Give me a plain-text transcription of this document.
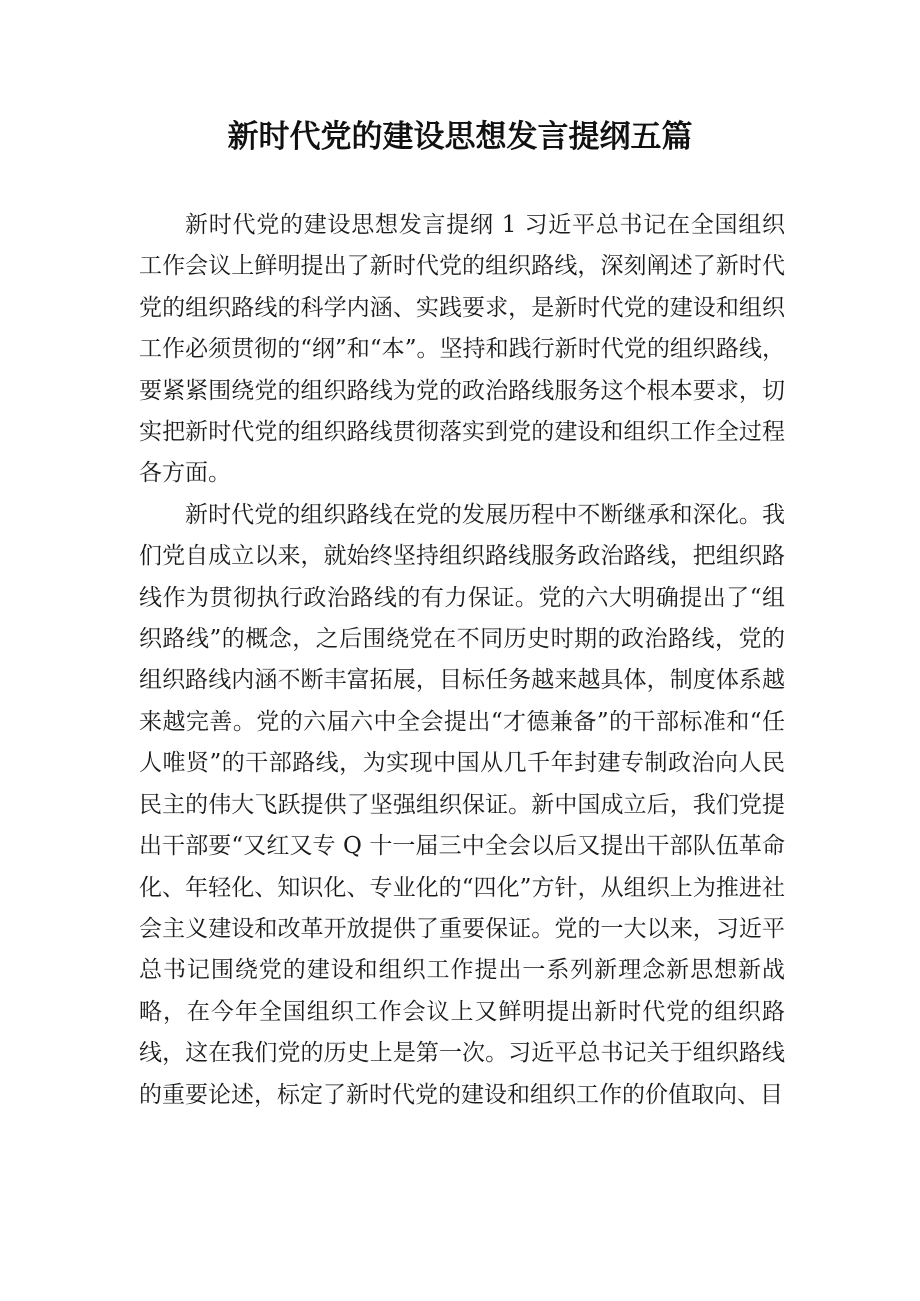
新时代党的建设思想发言提纲五篇

新时代党的建设思想发言提纲 1 习近平总书记在全国组织工作会议上鲜明提出了新时代党的组织路线，深刻阐述了新时代党的组织路线的科学内涵、实践要求，是新时代党的建设和组织工作必须贯彻的“纲”和“本”。坚持和践行新时代党的组织路线，要紧紧围绕党的组织路线为党的政治路线服务这个根本要求，切实把新时代党的组织路线贯彻落实到党的建设和组织工作全过程各方面。

新时代党的组织路线在党的发展历程中不断继承和深化。我们党自成立以来，就始终坚持组织路线服务政治路线，把组织路线作为贯彻执行政治路线的有力保证。党的六大明确提出了“组织路线”的概念，之后围绕党在不同历史时期的政治路线，党的组织路线内涵不断丰富拓展，目标任务越来越具体，制度体系越来越完善。党的六届六中全会提出“才德兼备”的干部标准和“任人唯贤”的干部路线，为实现中国从几千年封建专制政治向人民民主的伟大飞跃提供了坚强组织保证。新中国成立后，我们党提出干部要“又红又专 Q 十一届三中全会以后又提出干部队伍革命化、年轻化、知识化、专业化的“四化”方针，从组织上为推进社会主义建设和改革开放提供了重要保证。党的一大以来，习近平总书记围绕党的建设和组织工作提出一系列新理念新思想新战略，在今年全国组织工作会议上又鲜明提出新时代党的组织路线，这在我们党的历史上是第一次。习近平总书记关于组织路线的重要论述，标定了新时代党的建设和组织工作的价值取向、目
